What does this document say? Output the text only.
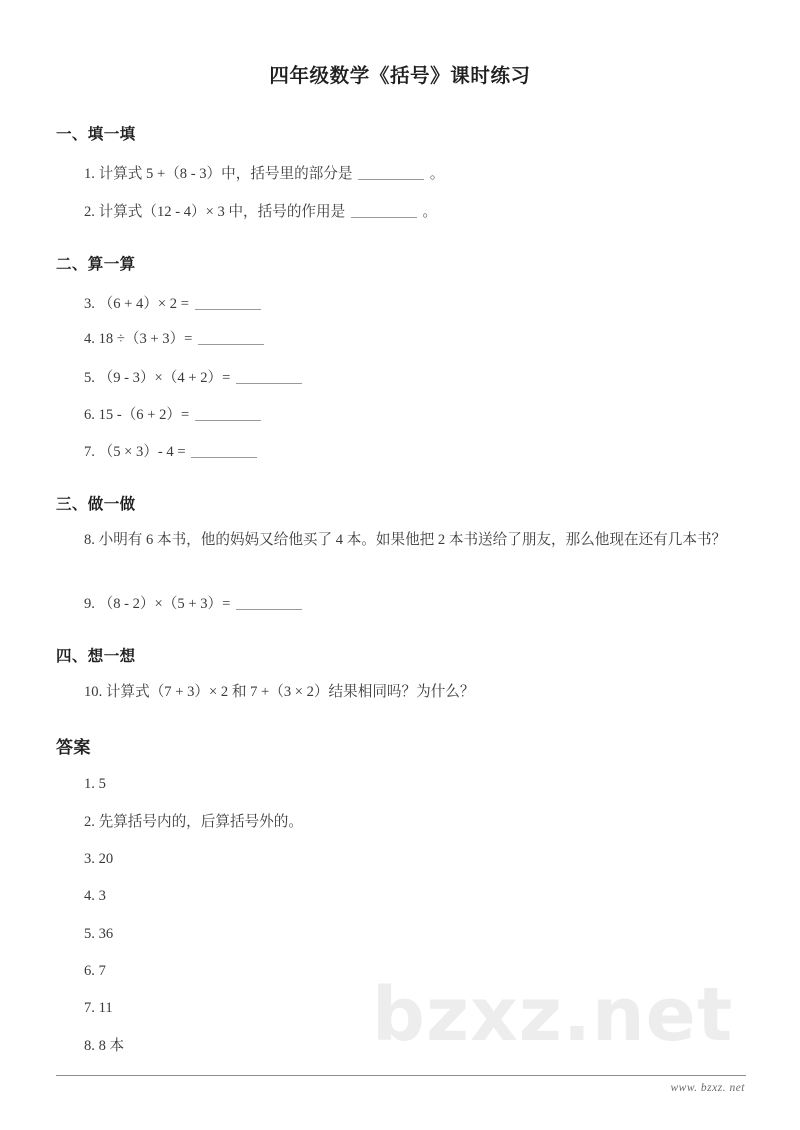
bzxz.net
四年级数学《括号》课时练习
一、填一填
1. 计算式 5 +（8 - 3）中，括号里的部分是	。
2. 计算式（12 - 4）× 3 中，括号的作用是	。
二、算一算
3. （6 + 4）× 2 =
4. 18 ÷（3 + 3）=
5. （9 - 3）×（4 + 2）=
6. 15 -（6 + 2）=
7. （5 × 3）- 4 =
三、做一做
8. 小明有 6 本书，他的妈妈又给他买了 4 本。如果他把 2 本书送给了朋友，那么他现在还有几本书？
9. （8 - 2）×（5 + 3）=
四、想一想
10. 计算式（7 + 3）× 2 和 7 +（3 × 2）结果相同吗？为什么？
答案
1. 5
2. 先算括号内的，后算括号外的。
3. 20
4. 3
5. 36
6. 7
7. 11
8. 8 本
www. bzxz. net
